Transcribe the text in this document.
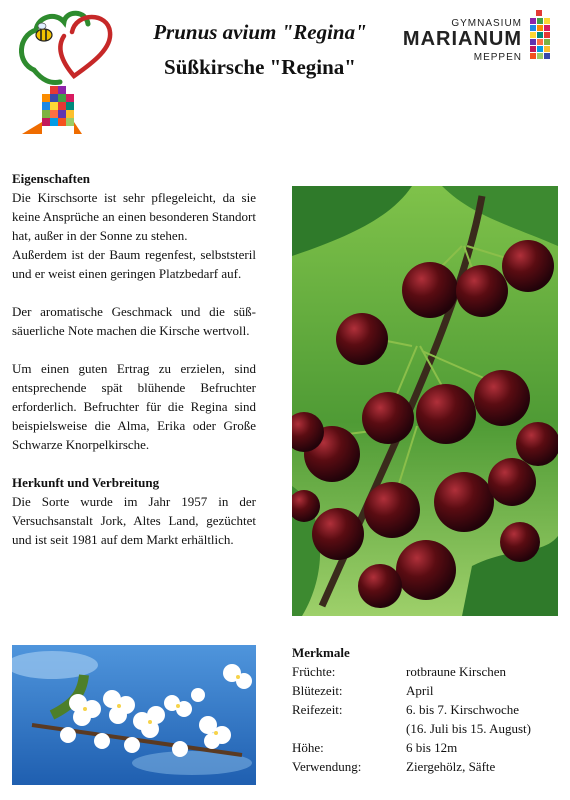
Prunus avium "Regina"
Süßkirsche "Regina"
GYMNASIUM
MARIANUM
MEPPEN
Eigenschaften
Die Kirschsorte ist sehr pflegeleicht, da sie keine Ansprüche an einen besonderen Standort hat, außer in der Sonne zu stehen.
Außerdem ist der Baum regenfest, selbststeril und er weist einen geringen Platzbedarf auf.
Der aromatische Geschmack und die süß-säuerliche Note machen die Kirsche wertvoll.
Um einen guten Ertrag zu erzielen, sind entsprechende spät blühende Befruchter erforderlich. Befruchter für die Regina sind beispielsweise die Alma, Erika oder Große Schwarze Knorpelkirsche.
Herkunft und Verbreitung
Die Sorte wurde im Jahr 1957 in der Versuchsanstalt Jork, Altes Land, gezüchtet und ist seit 1981 auf dem Markt erhältlich.
Merkmale
Früchte:	rotbraune Kirschen
Blütezeit:	April
Reifezeit:	6. bis 7. Kirschwoche
(16. Juli bis 15. August)
Höhe:	6 bis 12m
Verwendung:	Ziergehölz, Säfte
